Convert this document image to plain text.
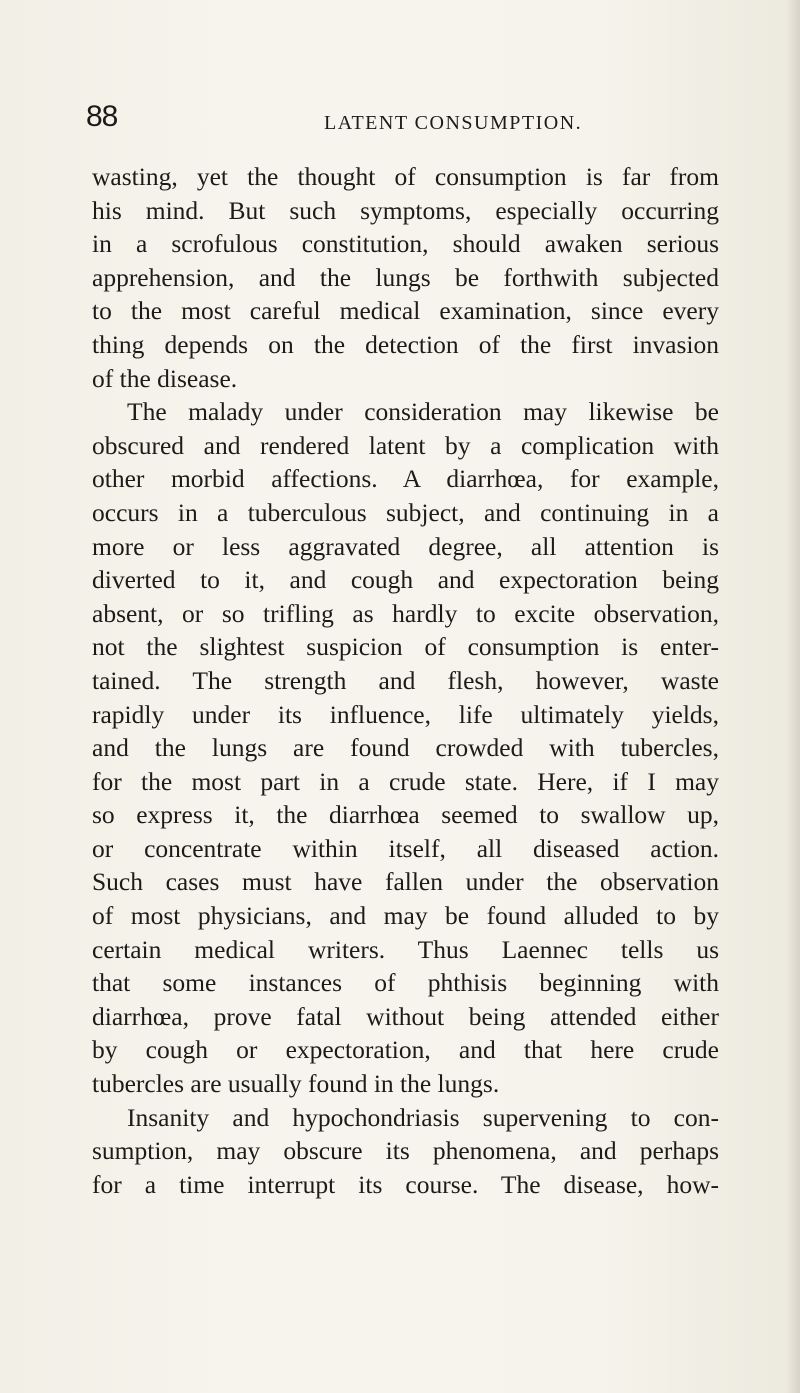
88	LATENT CONSUMPTION.
wasting, yet the thought of consumption is far from
his mind. But such symptoms, especially occurring
in a scrofulous constitution, should awaken serious
apprehension, and the lungs be forthwith subjected
to the most careful medical examination, since every
thing depends on the detection of the first invasion
of the disease.
The malady under consideration may likewise be
obscured and rendered latent by a complication with
other morbid affections. A diarrhœa, for example,
occurs in a tuberculous subject, and continuing in a
more or less aggravated degree, all attention is
diverted to it, and cough and expectoration being
absent, or so trifling as hardly to excite observation,
not the slightest suspicion of consumption is enter-
tained. The strength and flesh, however, waste
rapidly under its influence, life ultimately yields,
and the lungs are found crowded with tubercles,
for the most part in a crude state. Here, if I may
so express it, the diarrhœa seemed to swallow up,
or concentrate within itself, all diseased action.
Such cases must have fallen under the observation
of most physicians, and may be found alluded to by
certain medical writers. Thus Laennec tells us
that some instances of phthisis beginning with
diarrhœa, prove fatal without being attended either
by cough or expectoration, and that here crude
tubercles are usually found in the lungs.
Insanity and hypochondriasis supervening to con-
sumption, may obscure its phenomena, and perhaps
for a time interrupt its course. The disease, how-
